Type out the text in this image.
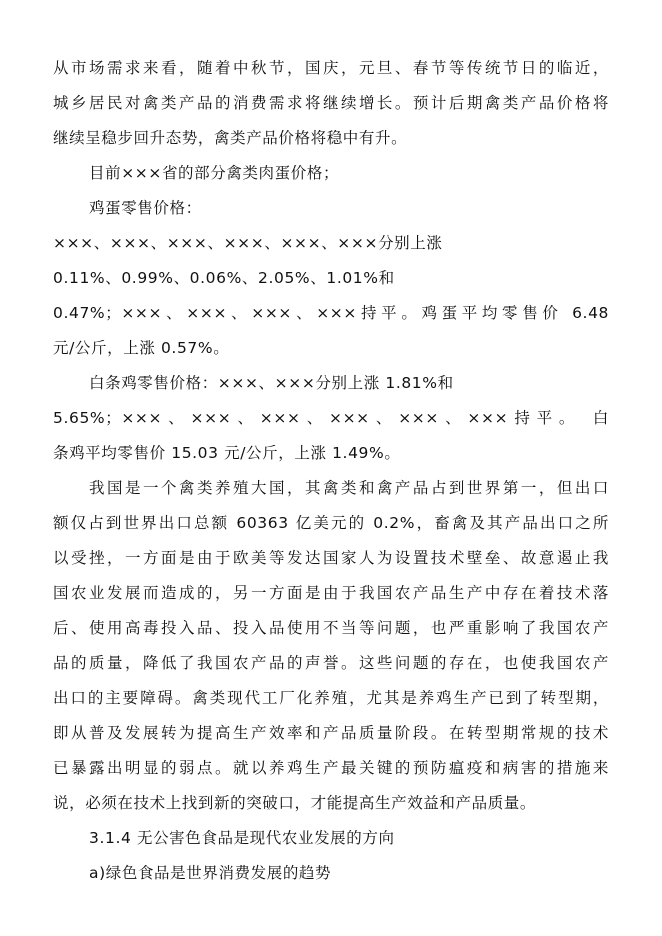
从市场需求来看，随着中秋节，国庆，元旦、春节等传统节日的临近，
城乡居民对禽类产品的消费需求将继续增长。预计后期禽类产品价格将
继续呈稳步回升态势，禽类产品价格将稳中有升。
目前×××省的部分禽类肉蛋价格；
鸡蛋零售价格：
×××、×××、×××、×××、×××、×××分别上涨
0.11%、0.99%、0.06%、2.05%、1.01%和
0.47%；×××、×××、×××、×××持平。鸡蛋平均零售价 6.48
元/公斤，上涨 0.57%。
白条鸡零售价格：×××、×××分别上涨 1.81%和
5.65%；×××、×××、×××、×××、×××、×××持平。 白
条鸡平均零售价 15.03 元/公斤，上涨 1.49%。
我国是一个禽类养殖大国，其禽类和禽产品占到世界第一，但出口
额仅占到世界出口总额 60363 亿美元的 0.2%，畜禽及其产品出口之所
以受挫，一方面是由于欧美等发达国家人为设置技术壁垒、故意遏止我
国农业发展而造成的，另一方面是由于我国农产品生产中存在着技术落
后、使用高毒投入品、投入品使用不当等问题，也严重影响了我国农产
品的质量，降低了我国农产品的声誉。这些问题的存在，也使我国农产
出口的主要障碍。禽类现代工厂化养殖，尤其是养鸡生产已到了转型期，
即从普及发展转为提高生产效率和产品质量阶段。在转型期常规的技术
已暴露出明显的弱点。就以养鸡生产最关键的预防瘟疫和病害的措施来
说，必须在技术上找到新的突破口，才能提高生产效益和产品质量。
3.1.4 无公害色食品是现代农业发展的方向
a)绿色食品是世界消费发展的趋势
